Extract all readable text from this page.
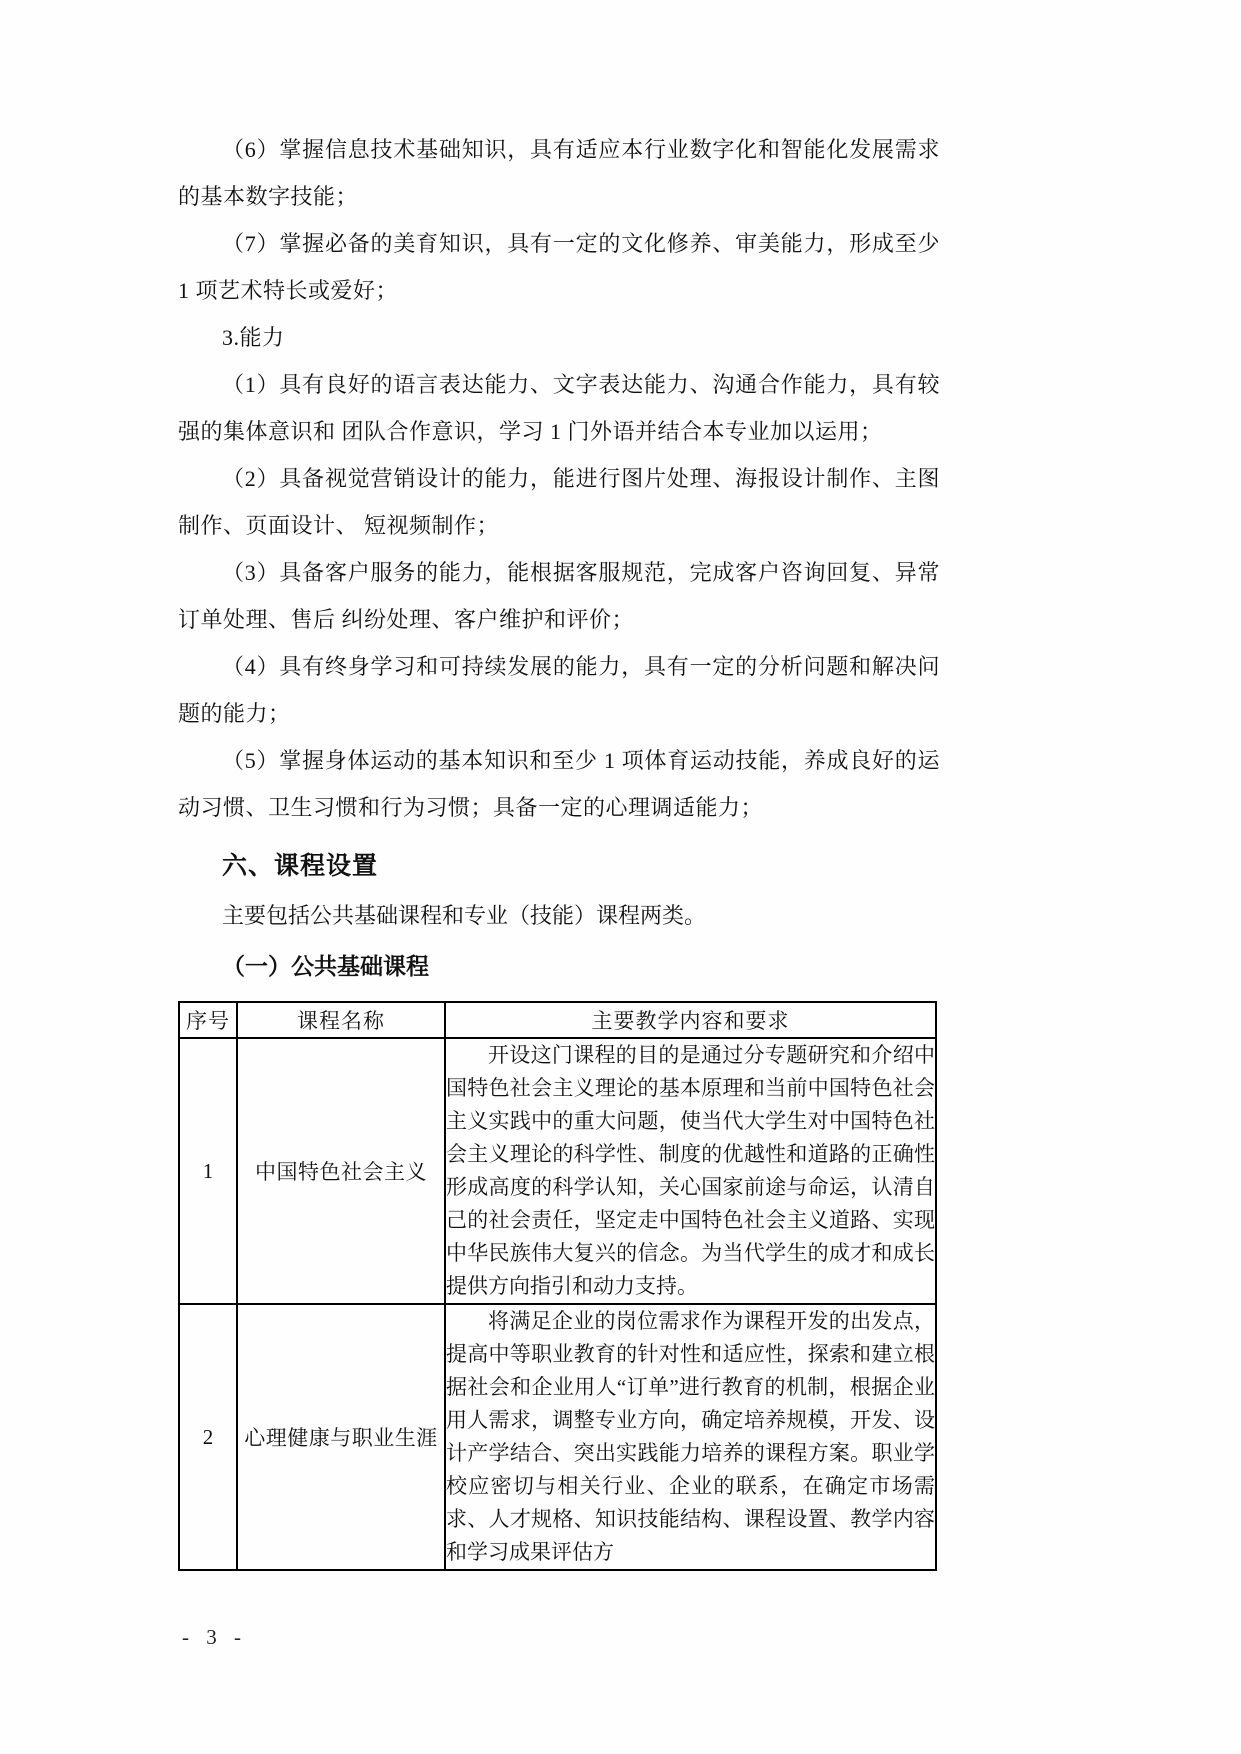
（6）掌握信息技术基础知识，具有适应本行业数字化和智能化发展需求的基本数字技能；

（7）掌握必备的美育知识，具有一定的文化修养、审美能力，形成至少 1 项艺术特长或爱好；

3.能力

（1）具有良好的语言表达能力、文字表达能力、沟通合作能力，具有较强的集体意识和 团队合作意识，学习 1 门外语并结合本专业加以运用；

（2）具备视觉营销设计的能力，能进行图片处理、海报设计制作、主图制作、页面设计、 短视频制作；

（3）具备客户服务的能力，能根据客服规范，完成客户咨询回复、异常订单处理、售后 纠纷处理、客户维护和评价；

（4）具有终身学习和可持续发展的能力，具有一定的分析问题和解决问题的能力；

（5）掌握身体运动的基本知识和至少 1 项体育运动技能，养成良好的运动习惯、卫生习惯和行为习惯；具备一定的心理调适能力；

六、课程设置

主要包括公共基础课程和专业（技能）课程两类。

（一）公共基础课程
序号	课程名称	主要教学内容和要求
1	中国特色社会主义	开设这门课程的目的是通过分专题研究和介绍中国特色社会主义理论的基本原理和当前中国特色社会主义实践中的重大问题，使当代大学生对中国特色社会主义理论的科学性、制度的优越性和道路的正确性形成高度的科学认知，关心国家前途与命运，认清自己的社会责任，坚定走中国特色社会主义道路、实现中华民族伟大复兴的信念。为当代学生的成才和成长提供方向指引和动力支持。
2	心理健康与职业生涯	将满足企业的岗位需求作为课程开发的出发点，提高中等职业教育的针对性和适应性，探索和建立根据社会和企业用人“订单”进行教育的机制，根据企业用人需求，调整专业方向，确定培养规模，开发、设计产学结合、突出实践能力培养的课程方案。职业学校应密切与相关行业、企业的联系，在确定市场需求、人才规格、知识技能结构、课程设置、教学内容和学习成果评估方
- 3 -
